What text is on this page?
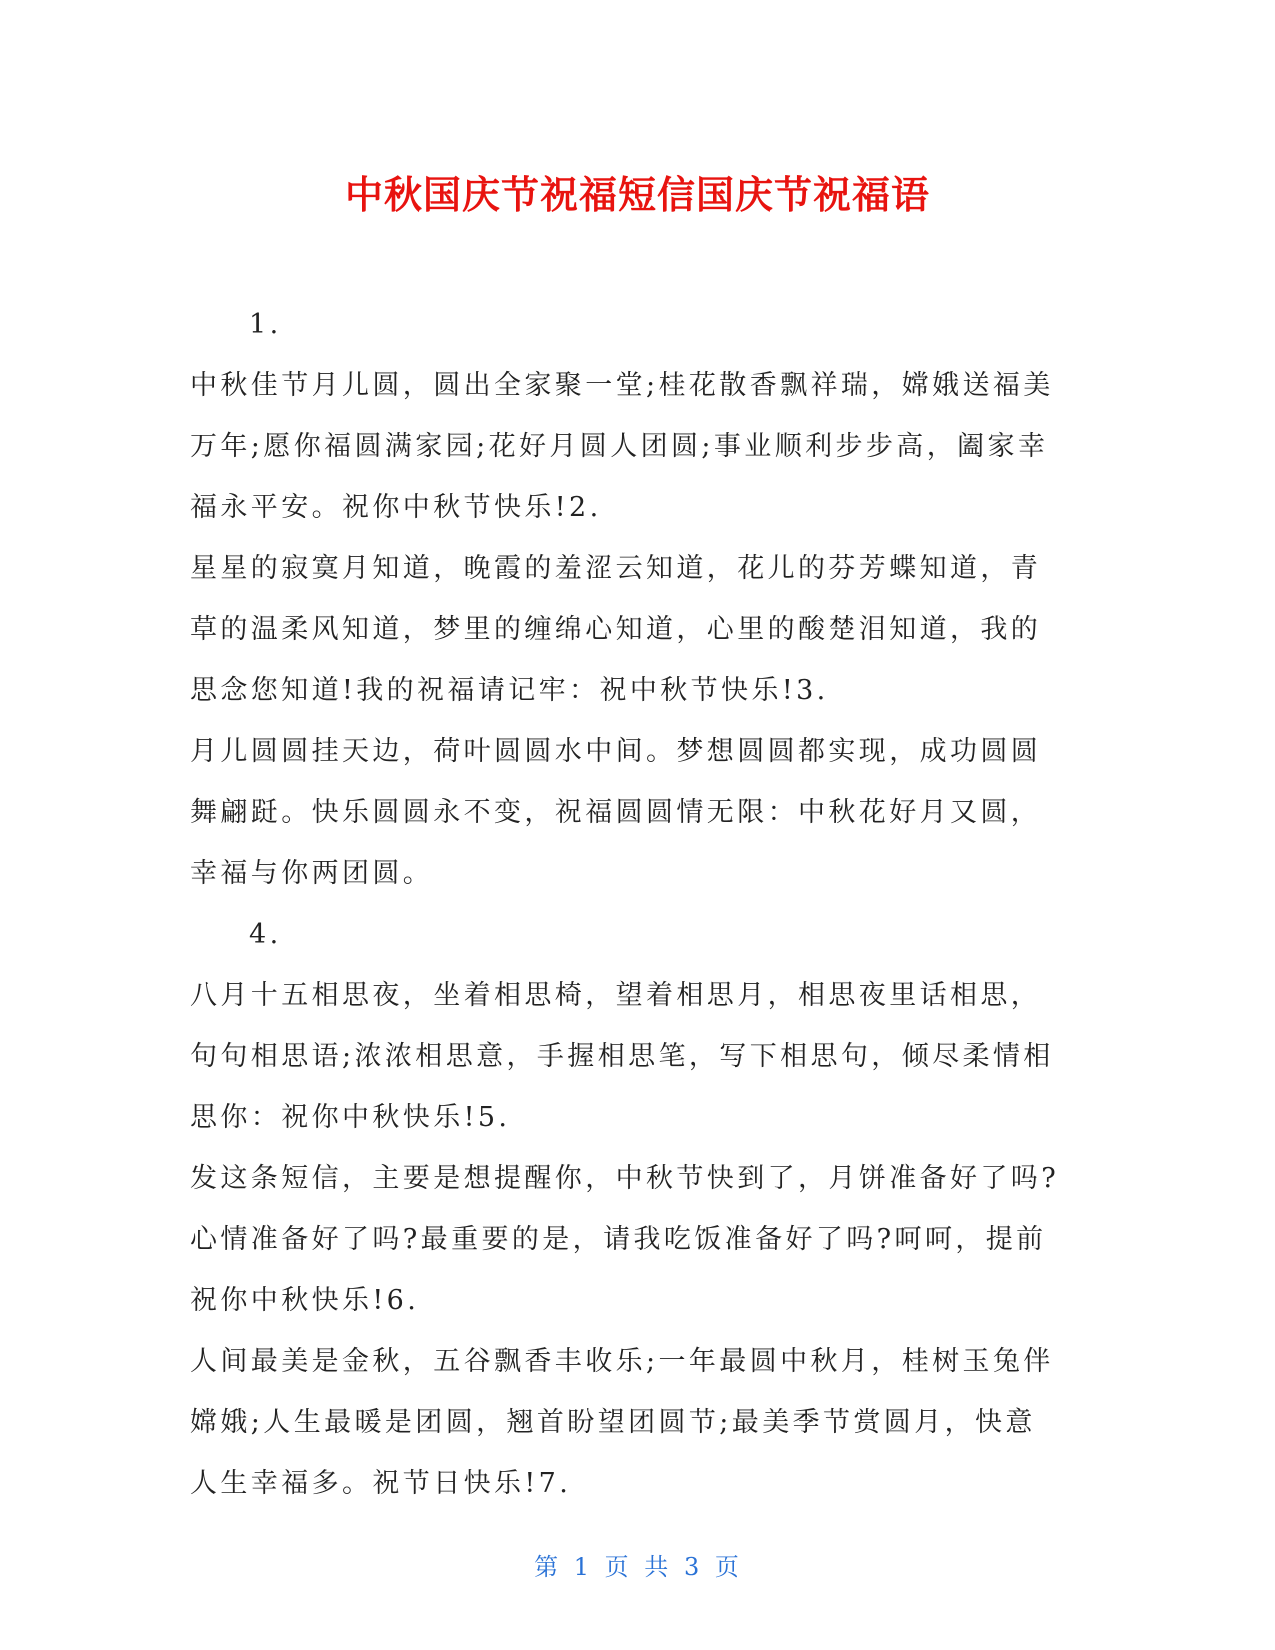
中秋国庆节祝福短信国庆节祝福语
1.
中秋佳节月儿圆，圆出全家聚一堂;桂花散香飘祥瑞，嫦娥送福美
万年;愿你福圆满家园;花好月圆人团圆;事业顺利步步高，阖家幸
福永平安。祝你中秋节快乐!2.
星星的寂寞月知道，晚霞的羞涩云知道，花儿的芬芳蝶知道，青
草的温柔风知道，梦里的缠绵心知道，心里的酸楚泪知道，我的
思念您知道!我的祝福请记牢：祝中秋节快乐!3.
月儿圆圆挂天边，荷叶圆圆水中间。梦想圆圆都实现，成功圆圆
舞翩跹。快乐圆圆永不变，祝福圆圆情无限：中秋花好月又圆，
幸福与你两团圆。
4.
八月十五相思夜，坐着相思椅，望着相思月，相思夜里话相思，
句句相思语;浓浓相思意，手握相思笔，写下相思句，倾尽柔情相
思你：祝你中秋快乐!5.
发这条短信，主要是想提醒你，中秋节快到了，月饼准备好了吗?
心情准备好了吗?最重要的是，请我吃饭准备好了吗?呵呵，提前
祝你中秋快乐!6.
人间最美是金秋，五谷飘香丰收乐;一年最圆中秋月，桂树玉兔伴
嫦娥;人生最暖是团圆，翘首盼望团圆节;最美季节赏圆月，快意
人生幸福多。祝节日快乐!7.
第 1 页 共 3 页
